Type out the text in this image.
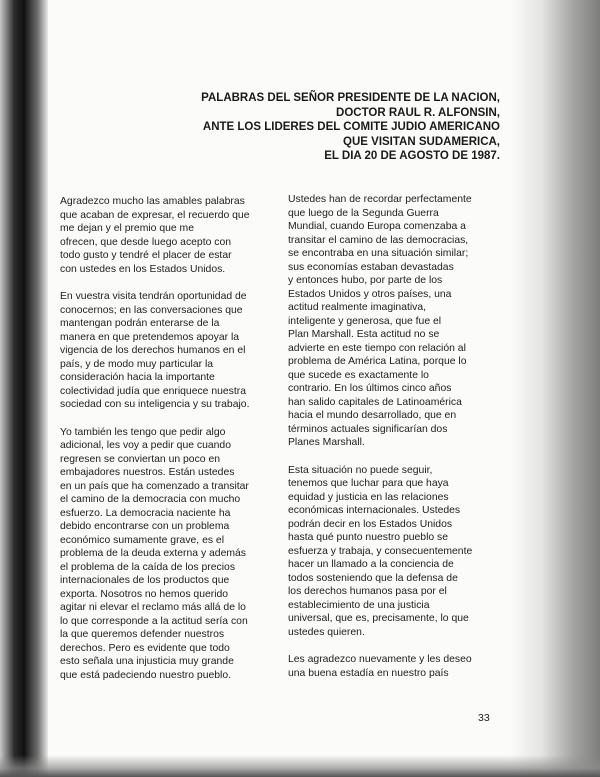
PALABRAS DEL SEÑOR PRESIDENTE DE LA NACION,
DOCTOR RAUL R. ALFONSIN,
ANTE LOS LIDERES DEL COMITE JUDIO AMERICANO
QUE VISITAN SUDAMERICA,
EL DIA 20 DE AGOSTO DE 1987.

Agradezco mucho las amables palabras
que acaban de expresar, el recuerdo que
me dejan y el premio que me
ofrecen, que desde luego acepto con
todo gusto y tendré el placer de estar
con ustedes en los Estados Unidos.

En vuestra visita tendrán oportunidad de
conocernos; en las conversaciones que
mantengan podrán enterarse de la
manera en que pretendemos apoyar la
vigencia de los derechos humanos en el
país, y de modo muy particular la
consideración hacia la importante
colectividad judía que enriquece nuestra
sociedad con su inteligencia y su trabajo.

Yo también les tengo que pedir algo
adicional, les voy a pedir que cuando
regresen se conviertan un poco en
embajadores nuestros. Están ustedes
en un país que ha comenzado a transitar
el camino de la democracia con mucho
esfuerzo. La democracia naciente ha
debido encontrarse con un problema
económico sumamente grave, es el
problema de la deuda externa y además
el problema de la caída de los precios
internacionales de los productos que
exporta. Nosotros no hemos querido
agitar ni elevar el reclamo más allá de lo
lo que corresponde a la actitud sería con
la que queremos defender nuestros
derechos. Pero es evidente que todo
esto señala una injusticia muy grande
que está padeciendo nuestro pueblo.

Ustedes han de recordar perfectamente
que luego de la Segunda Guerra
Mundial, cuando Europa comenzaba a
transitar el camino de las democracias,
se encontraba en una situación similar;
sus economías estaban devastadas
y entonces hubo, por parte de los
Estados Unidos y otros países, una
actitud realmente imaginativa,
inteligente y generosa, que fue el
Plan Marshall. Esta actitud no se
advierte en este tiempo con relación al
problema de América Latina, porque lo
que sucede es exactamente lo
contrario. En los últimos cinco años
han salido capitales de Latinoamérica
hacia el mundo desarrollado, que en
términos actuales significarían dos
Planes Marshall.

Esta situación no puede seguir,
tenemos que luchar para que haya
equidad y justicia en las relaciones
económicas internacionales. Ustedes
podrán decir en los Estados Unidos
hasta qué punto nuestro pueblo se
esfuerza y trabaja, y consecuentemente
hacer un llamado a la conciencia de
todos sosteniendo que la defensa de
los derechos humanos pasa por el
establecimiento de una justicia
universal, que es, precisamente, lo que
ustedes quieren.

Les agradezco nuevamente y les deseo
una buena estadía en nuestro país

33
